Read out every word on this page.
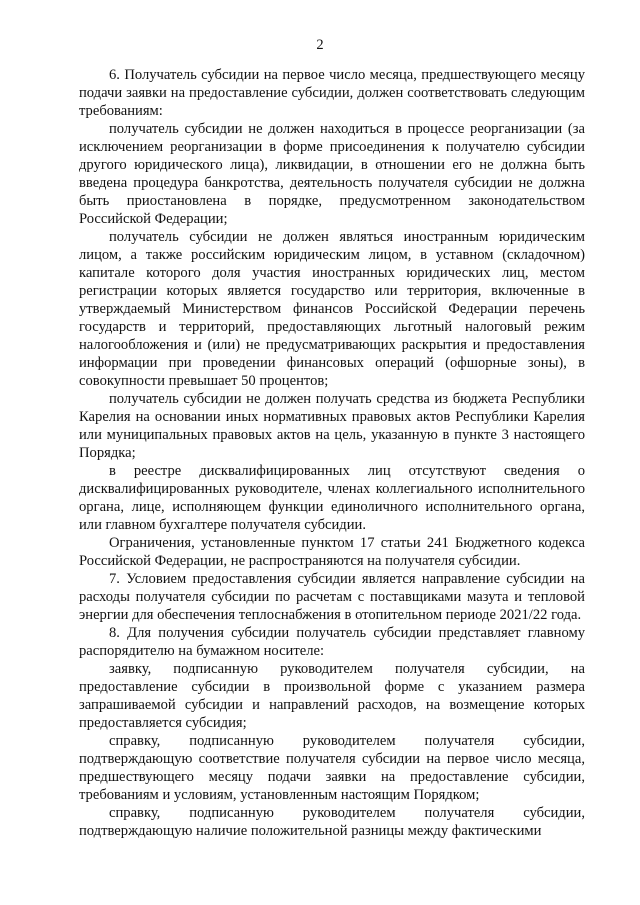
2

6. Получатель субсидии на первое число месяца, предшествующего месяцу подачи заявки на предоставление субсидии, должен соответствовать следующим требованиям:

получатель субсидии не должен находиться в процессе реорганизации (за исключением реорганизации в форме присоединения к получателю субсидии другого юридического лица), ликвидации, в отношении его не должна быть введена процедура банкротства, деятельность получателя субсидии не должна быть приостановлена в порядке, предусмотренном законодательством Российской Федерации;

получатель субсидии не должен являться иностранным юридическим лицом, а также российским юридическим лицом, в уставном (складочном) капитале которого доля участия иностранных юридических лиц, местом регистрации которых является государство или территория, включенные в утверждаемый Министерством финансов Российской Федерации перечень государств и территорий, предоставляющих льготный налоговый режим налогообложения и (или) не предусматривающих раскрытия и предоставления информации при проведении финансовых операций (офшорные зоны), в совокупности превышает 50 процентов;

получатель субсидии не должен получать средства из бюджета Республики Карелия на основании иных нормативных правовых актов Республики Карелия или муниципальных правовых актов на цель, указанную в пункте 3 настоящего Порядка;

в реестре дисквалифицированных лиц отсутствуют сведения о дисквалифицированных руководителе, членах коллегиального исполнительного органа, лице, исполняющем функции единоличного исполнительного органа, или главном бухгалтере получателя субсидии.

Ограничения, установленные пунктом 17 статьи 241 Бюджетного кодекса Российской Федерации, не распространяются на получателя субсидии.

7. Условием предоставления субсидии является направление субсидии на расходы получателя субсидии по расчетам с поставщиками мазута и тепловой энергии для обеспечения теплоснабжения в отопительном периоде 2021/22 года.

8. Для получения субсидии получатель субсидии представляет главному распорядителю на бумажном носителе:

заявку, подписанную руководителем получателя субсидии, на предоставление субсидии в произвольной форме с указанием размера запрашиваемой субсидии и направлений расходов, на возмещение которых предоставляется субсидия;

справку, подписанную руководителем получателя субсидии, подтверждающую соответствие получателя субсидии на первое число месяца, предшествующего месяцу подачи заявки на предоставление субсидии, требованиям и условиям, установленным настоящим Порядком;

справку, подписанную руководителем получателя субсидии, подтверждающую наличие положительной разницы между фактическими
